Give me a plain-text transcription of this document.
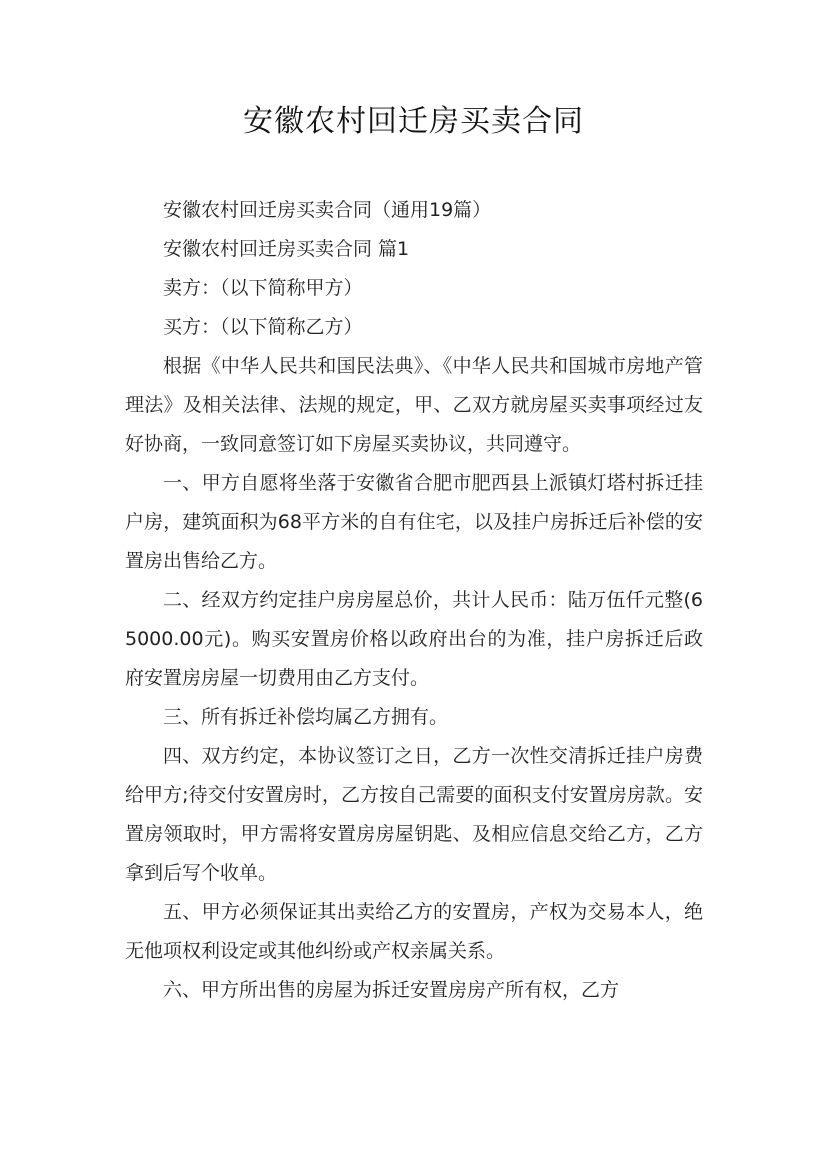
安徽农村回迁房买卖合同

安徽农村回迁房买卖合同（通用19篇）

安徽农村回迁房买卖合同 篇1

卖方：（以下简称甲方）

买方：（以下简称乙方）

根据《中华人民共和国民法典》、《中华人民共和国城市房地产管理法》及相关法律、法规的规定，甲、乙双方就房屋买卖事项经过友好协商，一致同意签订如下房屋买卖协议，共同遵守。

一、甲方自愿将坐落于安徽省合肥市肥西县上派镇灯塔村拆迁挂户房，建筑面积为68平方米的自有住宅，以及挂户房拆迁后补偿的安置房出售给乙方。

二、经双方约定挂户房房屋总价，共计人民币：陆万伍仟元整(65000.00元)。购买安置房价格以政府出台的为准，挂户房拆迁后政府安置房房屋一切费用由乙方支付。

三、所有拆迁补偿均属乙方拥有。

四、双方约定，本协议签订之日，乙方一次性交清拆迁挂户房费给甲方;待交付安置房时，乙方按自己需要的面积支付安置房房款。安置房领取时，甲方需将安置房房屋钥匙、及相应信息交给乙方，乙方拿到后写个收单。

五、甲方必须保证其出卖给乙方的安置房，产权为交易本人，绝无他项权利设定或其他纠纷或产权亲属关系。

六、甲方所出售的房屋为拆迁安置房房产所有权，乙方
